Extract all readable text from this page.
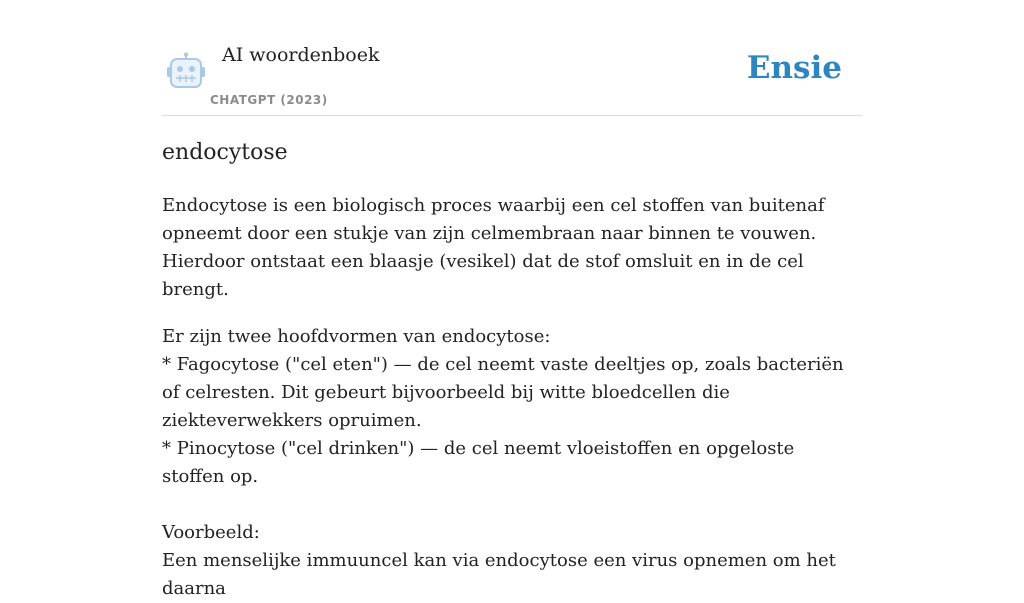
AI woordenboek
CHATGPT (2023)
Ensie
endocytose

Endocytose is een biologisch proces waarbij een cel stoffen van buitenaf opneemt door een stukje van zijn celmembraan naar binnen te vouwen. Hierdoor ontstaat een blaasje (vesikel) dat de stof omsluit en in de cel brengt.

Er zijn twee hoofdvormen van endocytose:

* Fagocytose ("cel eten") — de cel neemt vaste deeltjes op, zoals bacteriën of celresten. Dit gebeurt bijvoorbeeld bij witte bloedcellen die ziekteverwekkers opruimen.

* Pinocytose ("cel drinken") — de cel neemt vloeistoffen en opgeloste stoffen op.

Voorbeeld:

Een menselijke immuuncel kan via endocytose een virus opnemen om het daarna
